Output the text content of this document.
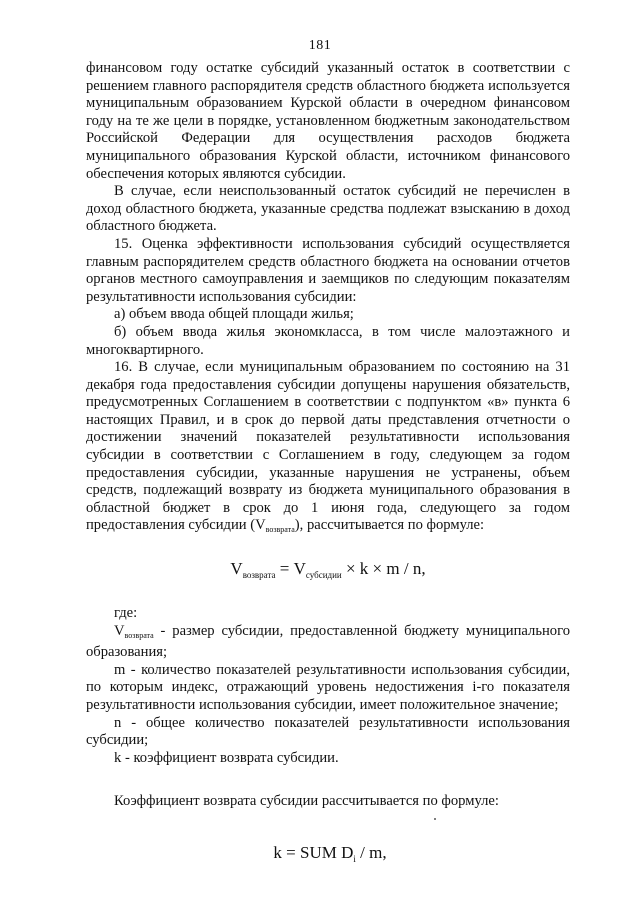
181

финансовом году остатке субсидий указанный остаток в соответствии с решением главного распорядителя средств областного бюджета используется муниципальным образованием Курской области в очередном финансовом году на те же цели в порядке, установленном бюджетным законодательством Российской Федерации для осуществления расходов бюджета муниципального образования Курской области, источником финансового обеспечения которых являются субсидии.

В случае, если неиспользованный остаток субсидий не перечислен в доход областного бюджета, указанные средства подлежат взысканию в доход областного бюджета.

15. Оценка эффективности использования субсидий осуществляется главным распорядителем средств областного бюджета на основании отчетов органов местного самоуправления и заемщиков по следующим показателям результативности использования субсидии:

а) объем ввода общей площади жилья;

б) объем ввода жилья экономкласса, в том числе малоэтажного и многоквартирного.

16. В случае, если муниципальным образованием по состоянию на 31 декабря года предоставления субсидии допущены нарушения обязательств, предусмотренных Соглашением в соответствии с подпунктом «в» пункта 6 настоящих Правил, и в срок до первой даты представления отчетности о достижении значений показателей результативности использования субсидии в соответствии с Соглашением в году, следующем за годом предоставления субсидии, указанные нарушения не устранены, объем средств, подлежащий возврату из бюджета муниципального образования в областной бюджет в срок до 1 июня года, следующего за годом предоставления субсидии $(V_{возврата})$, рассчитывается по формуле:

$V_{возврата} = V_{субсидии} \times k \times m / n$,

где:

$V_{возврата}$ - размер субсидии, предоставленной бюджету муниципального образования;

m - количество показателей результативности использования субсидии, по которым индекс, отражающий уровень недостижения i-го показателя результативности использования субсидии, имеет положительное значение;

n - общее количество показателей результативности использования субсидии;

k - коэффициент возврата субсидии.

Коэффициент возврата субсидии рассчитывается по формуле:

k = SUM $D_i$ / m,
